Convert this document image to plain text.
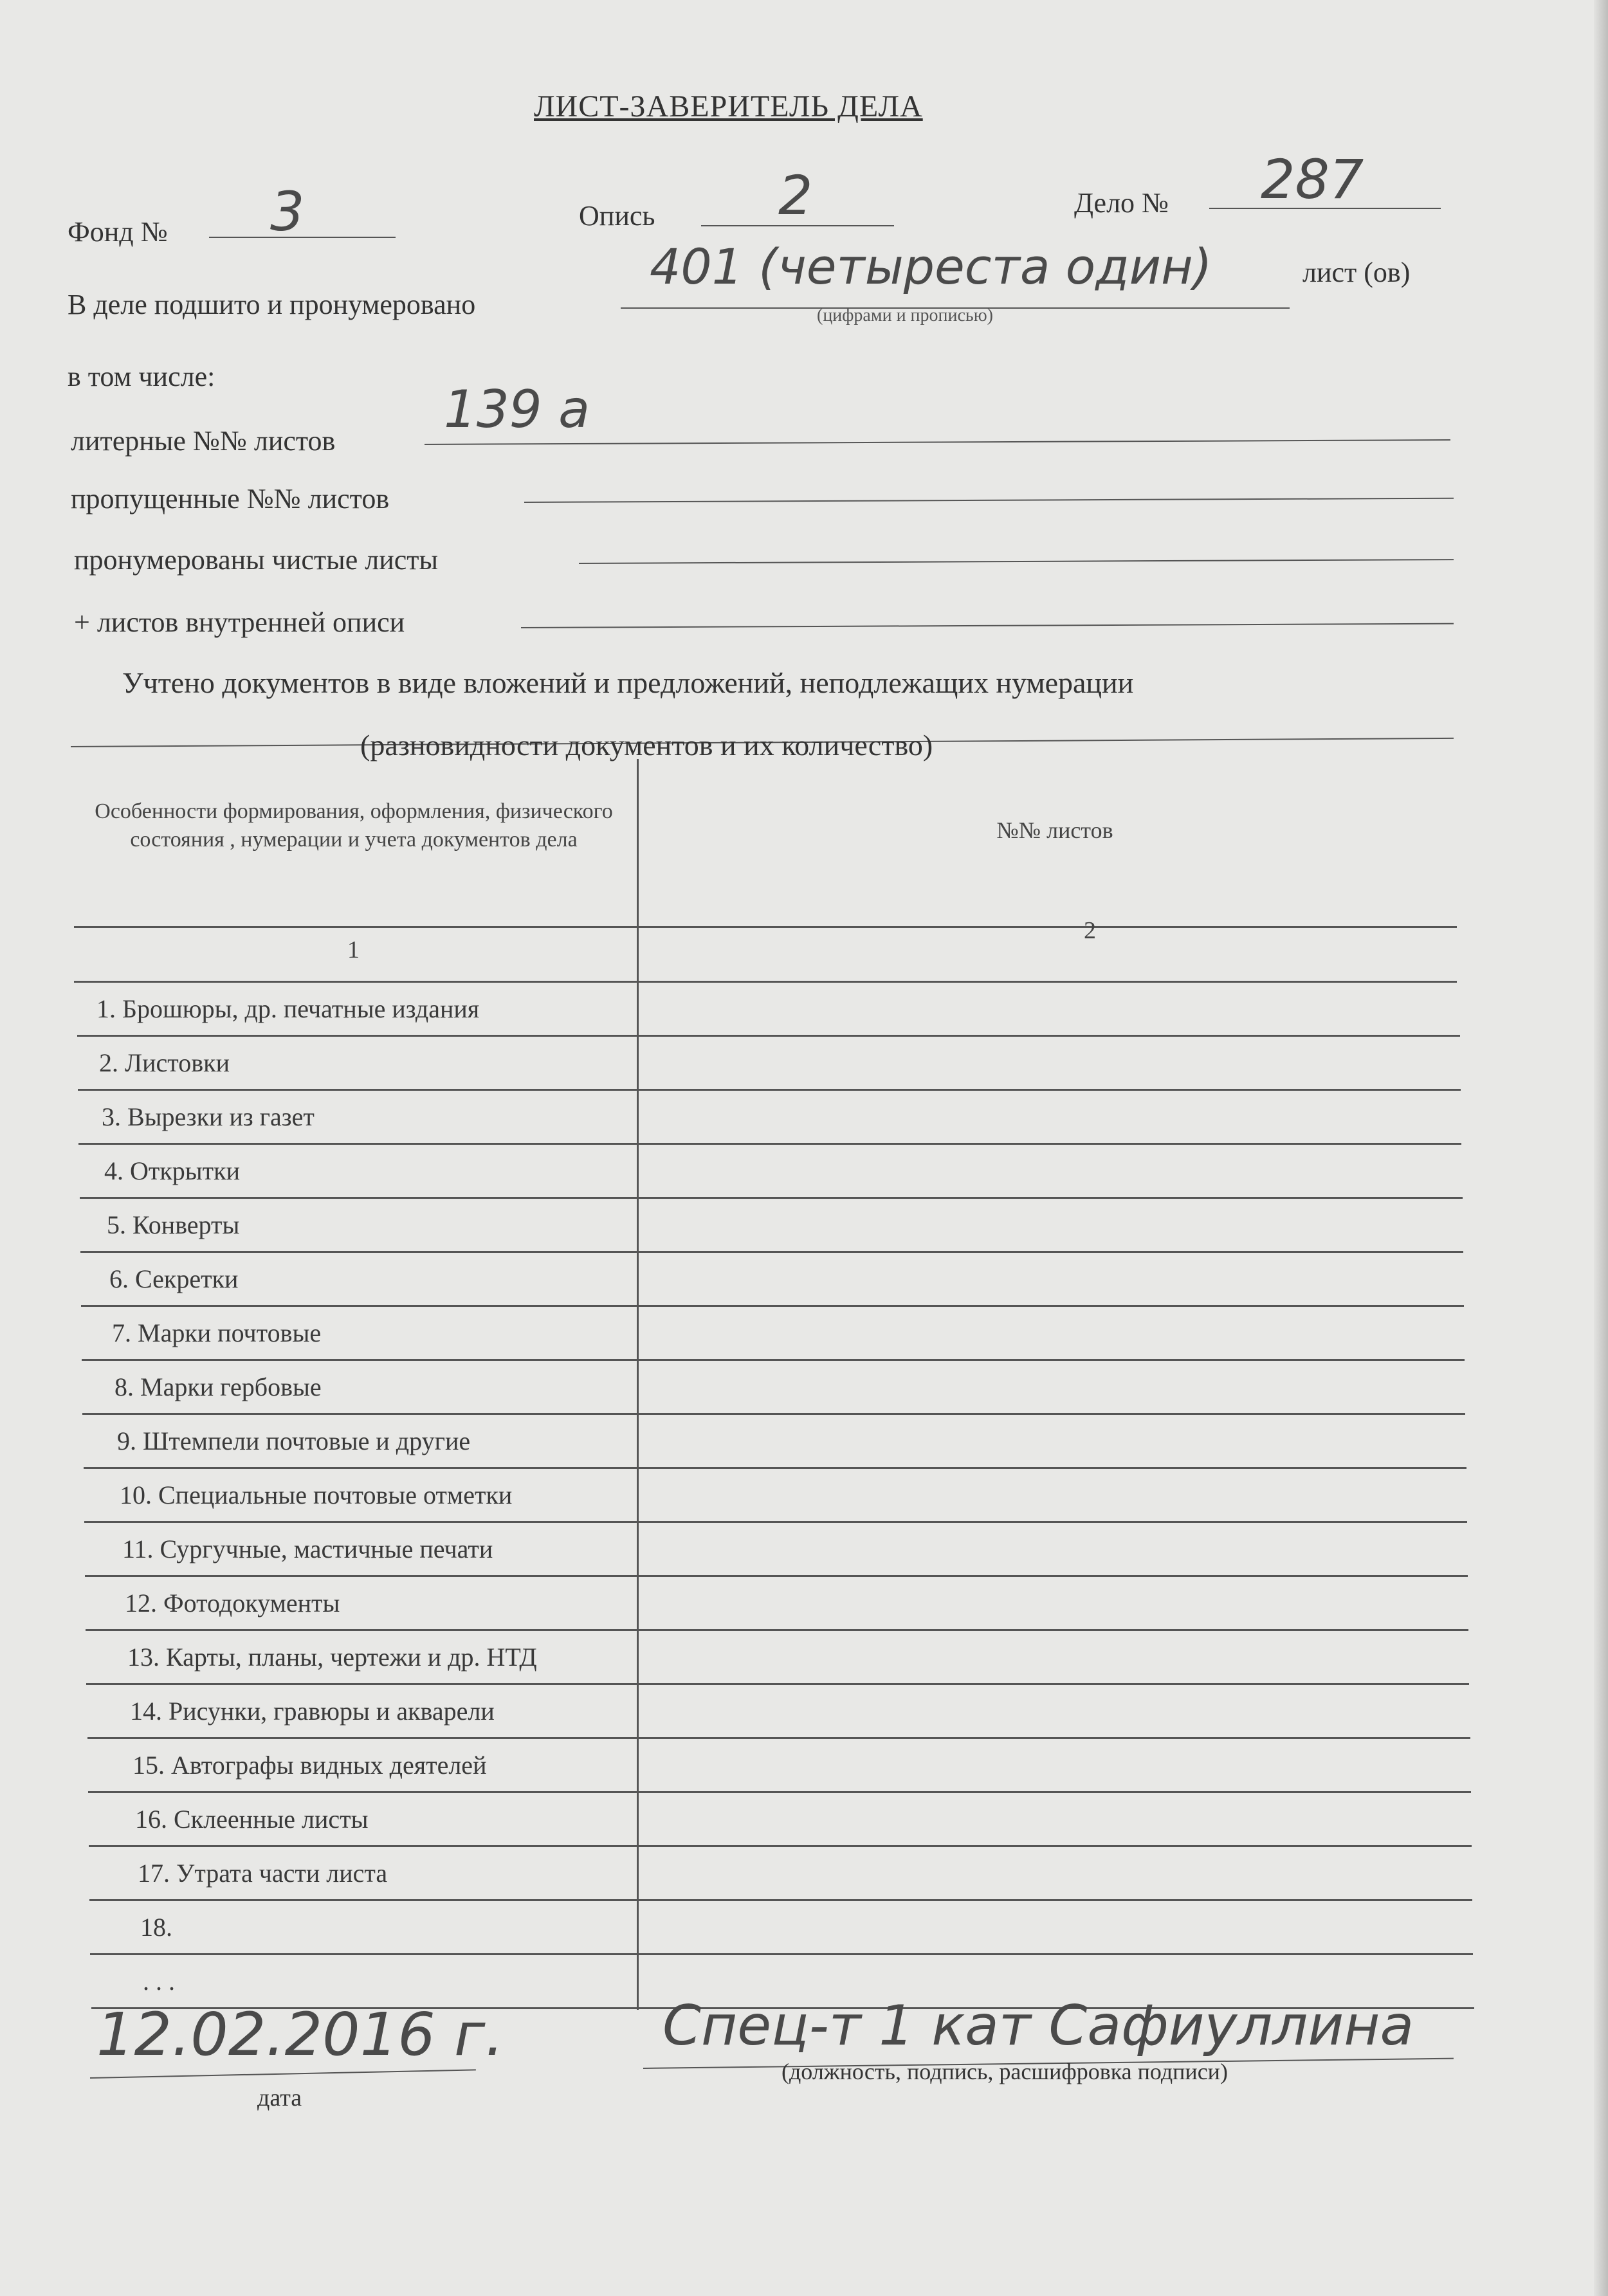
ЛИСТ-ЗАВЕРИТЕЛЬ ДЕЛА
Фонд № 3	Опись 2	Дело № 287
В деле подшито и пронумеровано
401 (четыреста один)	лист (ов)
(цифрами и прописью)
в том числе:
литерные №№ листов
139 а
пропущенные №№ листов
пронумерованы чистые листы
+ листов внутренней описи
Учтено документов в виде вложений и предложений, неподлежащих нумерации
(разновидности документов и их количество)
Особенности формирования, оформления, физического состояния , нумерации и учета документов дела	№№ листов
1
2
1. Брошюры, др. печатные издания
2. Листовки
3. Вырезки из газет
4. Открытки
5. Конверты
6. Секретки
7. Марки почтовые
8. Марки гербовые
9. Штемпели почтовые и другие
10. Специальные почтовые отметки
11. Сургучные, мастичные печати
12. Фотодокументы
13. Карты, планы, чертежи и др. НТД
14. Рисунки, гравюры и акварели
15. Автографы видных деятелей
16. Склеенные листы
17. Утрата части листа
18.
. . .
12.02.2016 г.
дата
Спец-т 1 кат Сафиуллина
(должность, подпись, расшифровка подписи)
